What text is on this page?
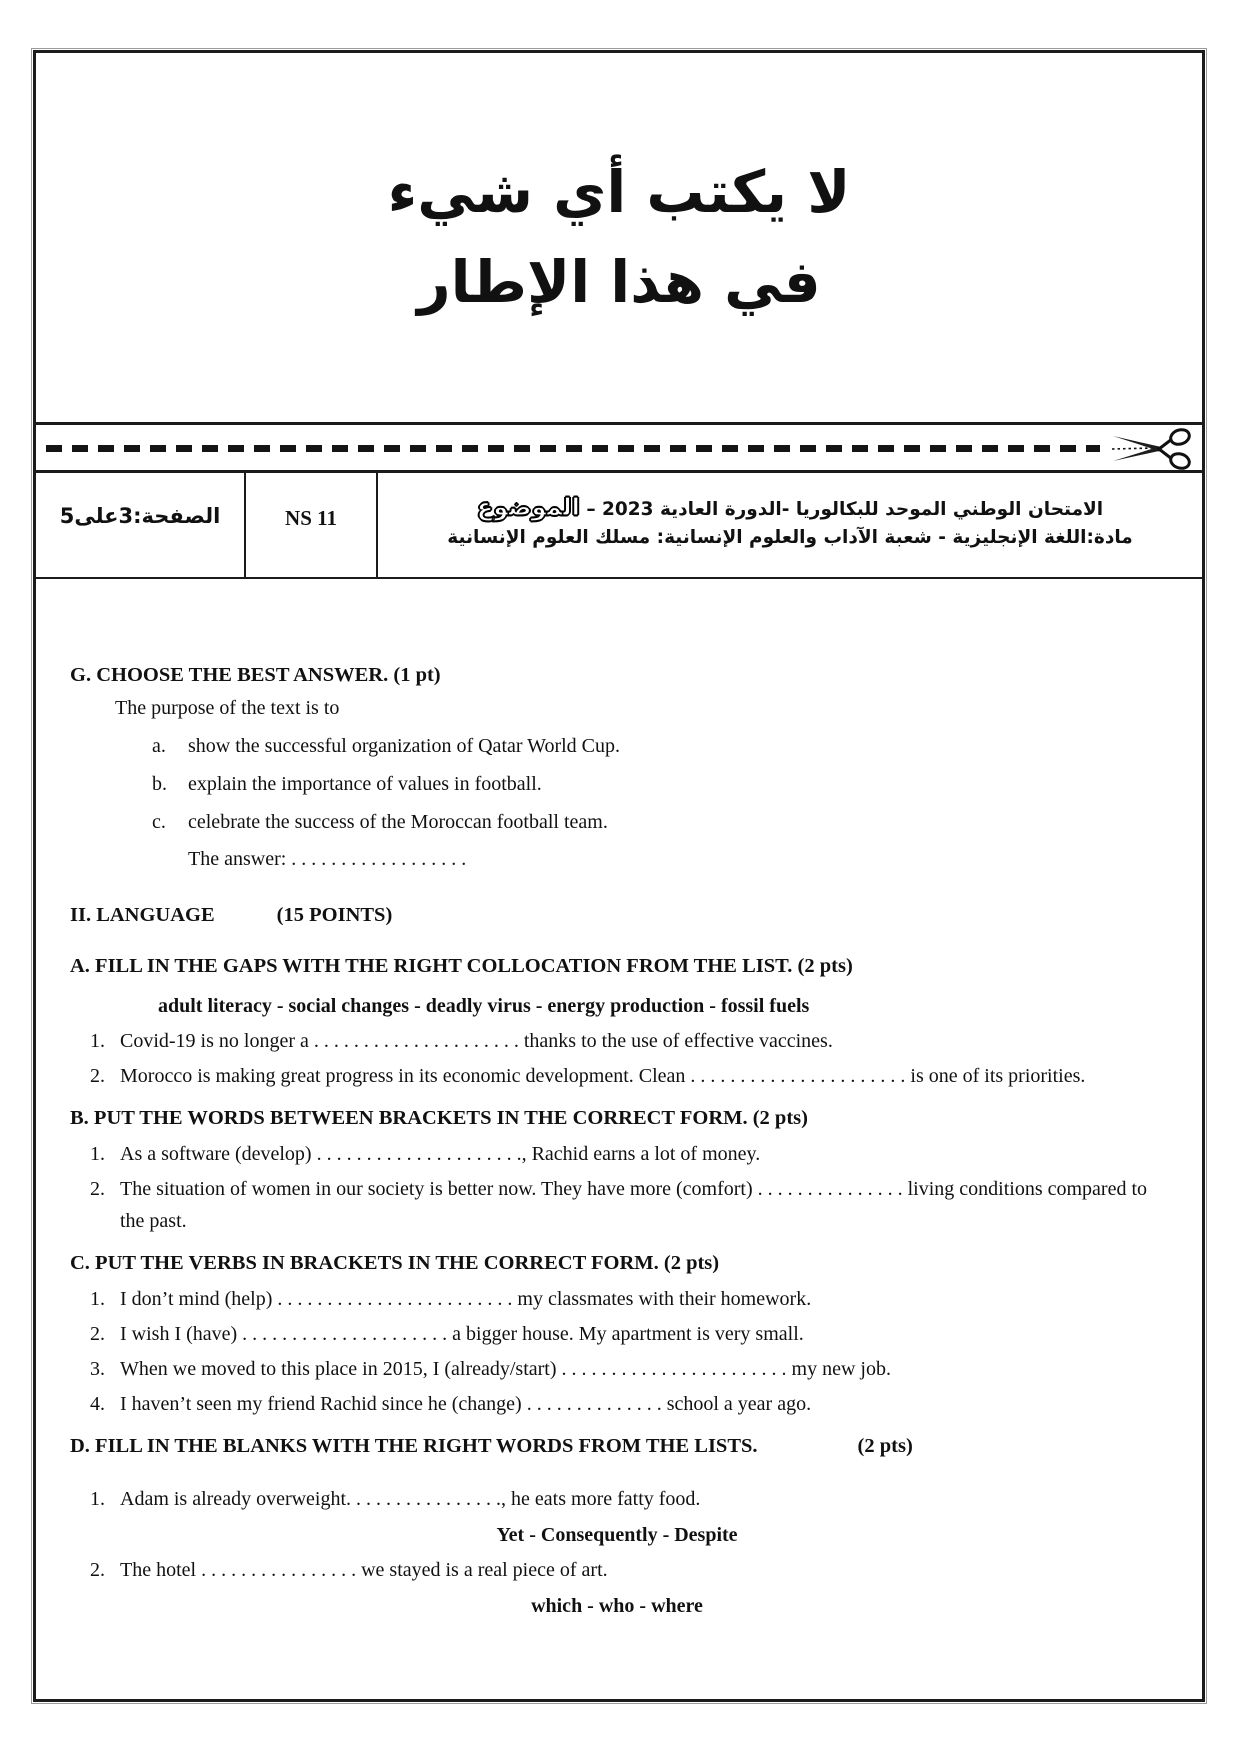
لا يكتب أي شيء
في هذا الإطار
الصفحة:3على5	NS 11	الامتحان الوطني الموحد للبكالوريا -الدورة العادية 2023 – الموضوع
مادة:اللغة الإنجليزية - شعبة الآداب والعلوم الإنسانية: مسلك العلوم الإنسانية
G. CHOOSE THE BEST ANSWER. (1 pt)
The purpose of the text is to
a. show the successful organization of Qatar World Cup.
b. explain the importance of values in football.
c. celebrate the success of the Moroccan football team.
The answer: . . . . . . . . . . . . . . . . . .
II. LANGUAGE	(15 POINTS)
A. FILL IN THE GAPS WITH THE RIGHT COLLOCATION FROM THE LIST. (2 pts)
adult literacy - social changes - deadly virus - energy production - fossil fuels
1. Covid-19 is no longer a . . . . . . . . . . . . . . . . . . . . . thanks to the use of effective vaccines.
2. Morocco is making great progress in its economic development. Clean . . . . . . . . . . . . . . . . . . . . . . is one of its priorities.
B. PUT THE WORDS BETWEEN BRACKETS IN THE CORRECT FORM. (2 pts)
1. As a software (develop) . . . . . . . . . . . . . . . . . . . . ., Rachid earns a lot of money.
2. The situation of women in our society is better now. They have more (comfort) . . . . . . . . . . . . . . . living conditions compared to the past.
C. PUT THE VERBS IN BRACKETS IN THE CORRECT FORM. (2 pts)
1. I don’t mind (help) . . . . . . . . . . . . . . . . . . . . . . . . my classmates with their homework.
2. I wish I (have) . . . . . . . . . . . . . . . . . . . . . a bigger house. My apartment is very small.
3. When we moved to this place in 2015, I (already/start) . . . . . . . . . . . . . . . . . . . . . . . my new job.
4. I haven’t seen my friend Rachid since he (change) . . . . . . . . . . . . . . school a year ago.
D. FILL IN THE BLANKS WITH THE RIGHT WORDS FROM THE LISTS.	(2 pts)
1. Adam is already overweight. . . . . . . . . . . . . . . ., he eats more fatty food.
Yet - Consequently - Despite
2. The hotel . . . . . . . . . . . . . . . . we stayed is a real piece of art.
which - who - where
